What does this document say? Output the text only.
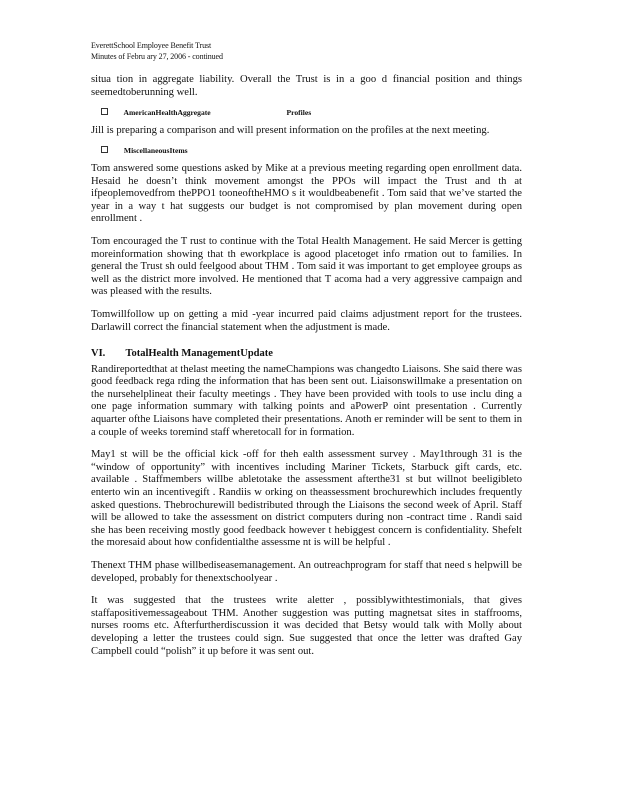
EverettSchool Employee Benefit Trust
Minutes of Febru ary 27, 2006 - continued

situa tion in aggregate liability. Overall the Trust is in a goo d financial position and things seemedtoberunning well.

AmericanHealthAggregate	Profiles

Jill is preparing a comparison and will present information on the profiles at the next meeting.

MiscellaneousItems

Tom answered some questions asked by Mike at a previous meeting regarding open enrollment data. Hesaid he doesn’t think movement amongst the PPOs will impact the Trust and th at ifpeoplemovedfrom thePPO1 tooneoftheHMO s it wouldbeabenefit . Tom said that we’ve started the year in a way t hat suggests our budget is not compromised by plan movement during open enrollment .

Tom encouraged the T rust to continue with the Total Health Management. He said Mercer is getting moreinformation showing that th eworkplace is agood placetoget info rmation out to families. In general the Trust sh ould feelgood about THM . Tom said it was important to get employee groups as well as the district more involved. He mentioned that T acoma had a very aggressive campaign and was pleased with the results.

Tomwillfollow up on getting a mid -year incurred paid claims adjustment report for the trustees. Darlawill correct the financial statement when the adjustment is made.

VI. TotalHealth ManagementUpdate

Randireportedthat at thelast meeting the nameChampions was changedto Liaisons. She said there was good feedback rega rding the information that has been sent out. Liaisonswillmake a presentation on the nursehelplineat their faculty meetings . They have been provided with tools to use inclu ding a one page information summary with talking points and aPowerP oint presentation . Currently aquarter ofthe Liaisons have completed their presentations. Anoth er reminder will be sent to them in a couple of weeks toremind staff wheretocall for in formation.

May1 st will be the official kick -off for theh ealth assessment survey . May1through 31 is the “window of opportunity” with incentives including Mariner Tickets, Starbuck gift cards, etc. available . Staffmembers willbe abletotake the assessment afterthe31 st but willnot beeligibleto enterto win an incentivegift . Randiis w orking on theassessment brochurewhich includes frequently asked questions. Thebrochurewill bedistributed through the Liaisons the second week of April. Staff will be allowed to take the assessment on district computers during non -contract time . Randi said she has been receiving mostly good feedback however t hebiggest concern is confidentiality. Shefelt the moresaid about how confidentialthe assessme nt is will be helpful .

Thenext THM phase willbediseasemanagement. An outreachprogram for staff that need s helpwill be developed, probably for thenextschoolyear .

It was suggested that the trustees write aletter , possiblywithtestimonials, that gives staffapositivemessageabout THM. Another suggestion was putting magnetsat sites in staffrooms, nurses rooms etc. Afterfurtherdiscussion it was decided that Betsy would talk with Molly about developing a letter the trustees could sign. Sue suggested that once the letter was drafted Gay Campbell could “polish” it up before it was sent out.
